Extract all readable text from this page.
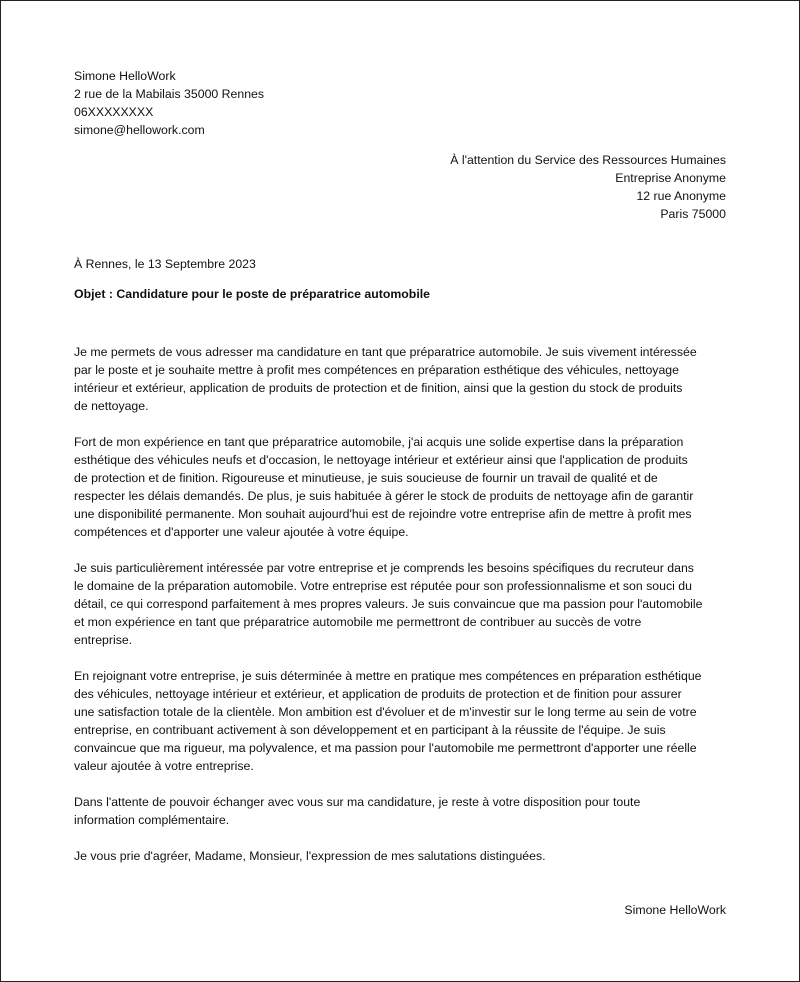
Simone HelloWork
2 rue de la Mabilais 35000 Rennes
06XXXXXXXX
simone@hellowork.com
À l'attention du Service des Ressources Humaines
Entreprise Anonyme
12 rue Anonyme
Paris 75000
À Rennes, le 13 Septembre 2023
Objet : Candidature pour le poste de préparatrice automobile
Je me permets de vous adresser ma candidature en tant que préparatrice automobile. Je suis vivement intéressée
par le poste et je souhaite mettre à profit mes compétences en préparation esthétique des véhicules, nettoyage
intérieur et extérieur, application de produits de protection et de finition, ainsi que la gestion du stock de produits
de nettoyage.
Fort de mon expérience en tant que préparatrice automobile, j'ai acquis une solide expertise dans la préparation
esthétique des véhicules neufs et d'occasion, le nettoyage intérieur et extérieur ainsi que l'application de produits
de protection et de finition. Rigoureuse et minutieuse, je suis soucieuse de fournir un travail de qualité et de
respecter les délais demandés. De plus, je suis habituée à gérer le stock de produits de nettoyage afin de garantir
une disponibilité permanente. Mon souhait aujourd'hui est de rejoindre votre entreprise afin de mettre à profit mes
compétences et d'apporter une valeur ajoutée à votre équipe.
Je suis particulièrement intéressée par votre entreprise et je comprends les besoins spécifiques du recruteur dans
le domaine de la préparation automobile. Votre entreprise est réputée pour son professionnalisme et son souci du
détail, ce qui correspond parfaitement à mes propres valeurs. Je suis convaincue que ma passion pour l'automobile
et mon expérience en tant que préparatrice automobile me permettront de contribuer au succès de votre
entreprise.
En rejoignant votre entreprise, je suis déterminée à mettre en pratique mes compétences en préparation esthétique
des véhicules, nettoyage intérieur et extérieur, et application de produits de protection et de finition pour assurer
une satisfaction totale de la clientèle. Mon ambition est d'évoluer et de m'investir sur le long terme au sein de votre
entreprise, en contribuant activement à son développement et en participant à la réussite de l'équipe. Je suis
convaincue que ma rigueur, ma polyvalence, et ma passion pour l'automobile me permettront d'apporter une réelle
valeur ajoutée à votre entreprise.
Dans l'attente de pouvoir échanger avec vous sur ma candidature, je reste à votre disposition pour toute
information complémentaire.
Je vous prie d'agréer, Madame, Monsieur, l'expression de mes salutations distinguées.
Simone HelloWork
